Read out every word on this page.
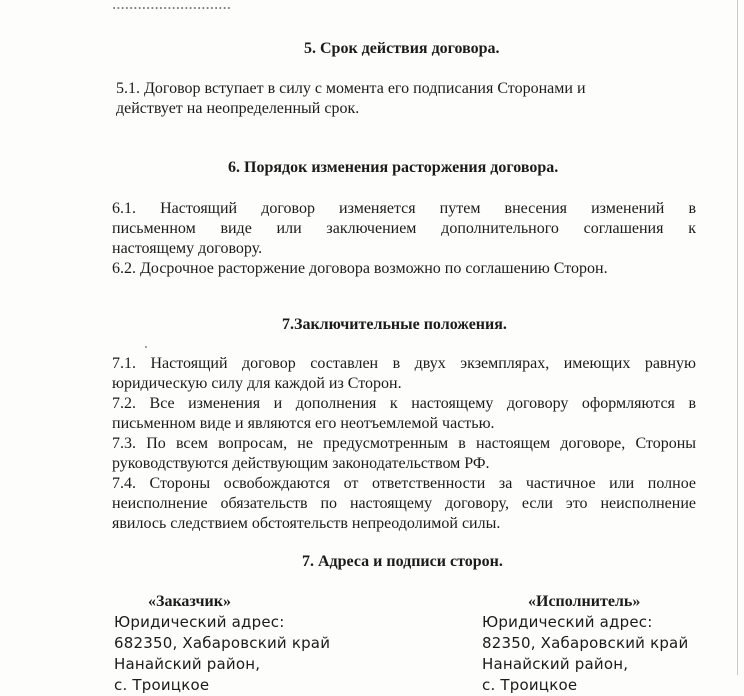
............................
5. Срок действия договора.
5.1. Договор вступает в силу с момента его подписания Сторонами и
действует на неопределенный срок.
6. Порядок изменения расторжения договора.
6.1. Настоящий договор изменяется путем внесения изменений в
письменном виде или заключением дополнительного соглашения к
настоящему договору.
6.2. Досрочное расторжение договора возможно по соглашению Сторон.
7.Заключительные положения.
7.1. Настоящий договор составлен в двух экземплярах, имеющих равную
юридическую силу для каждой из Сторон.
7.2. Все изменения и дополнения к настоящему договору оформляются в
письменном виде и являются его неотъемлемой частью.
7.3. По всем вопросам, не предусмотренным в настоящем договоре, Стороны
руководствуются действующим законодательством РФ.
7.4. Стороны освобождаются от ответственности за частичное или полное
неисполнение обязательств по настоящему договору, если это неисполнение
явилось следствием обстоятельств непреодолимой силы.
7. Адреса и подписи сторон.
«Заказчик»
Юридический адрес:
682350, Хабаровский край
Нанайский район,
с. Троицкое
«Исполнитель»
Юридический адрес:
82350, Хабаровский край
Нанайский район,
с. Троицкое
